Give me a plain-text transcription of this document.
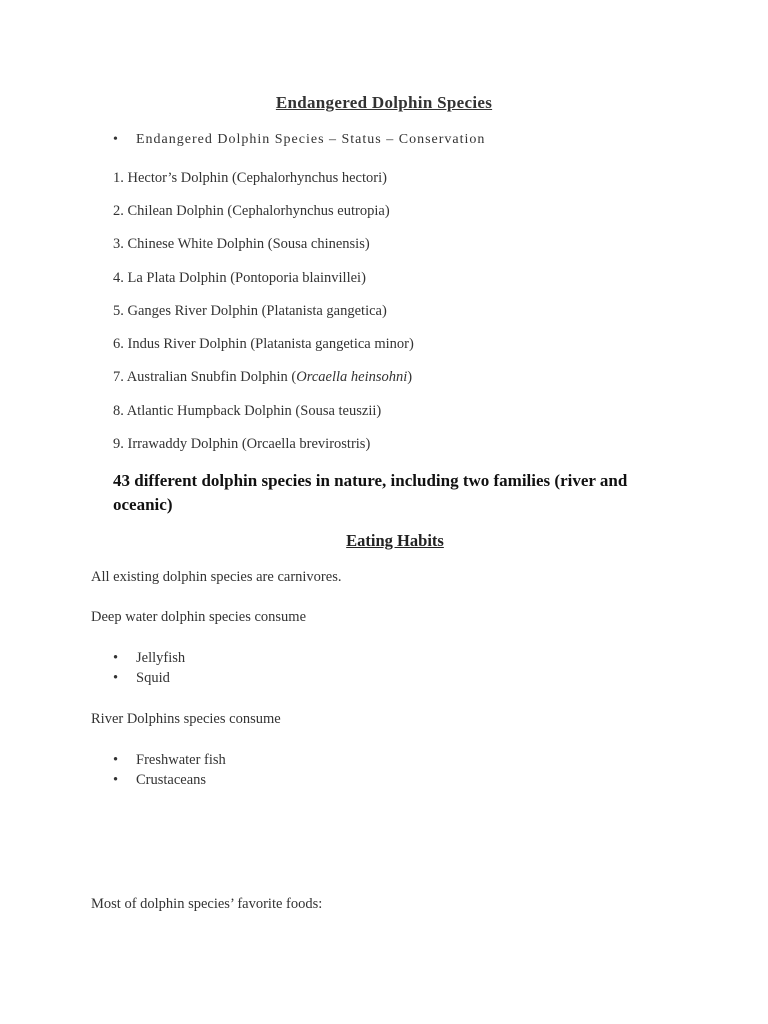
Endangered Dolphin Species
• Endangered Dolphin Species – Status – Conservation
1. Hector’s Dolphin (Cephalorhynchus hectori)
2. Chilean Dolphin (Cephalorhynchus eutropia)
3. Chinese White Dolphin (Sousa chinensis)
4. La Plata Dolphin (Pontoporia blainvillei)
5. Ganges River Dolphin (Platanista gangetica)
6. Indus River Dolphin (Platanista gangetica minor)
7. Australian Snubfin Dolphin (Orcaella heinsohni)
8. Atlantic Humpback Dolphin (Sousa teuszii)
9. Irrawaddy Dolphin (Orcaella brevirostris)
43 different dolphin species in nature, including two families (river and oceanic)
Eating Habits
All existing dolphin species are carnivores.
Deep water dolphin species consume
• Jellyfish
• Squid
River Dolphins species consume
• Freshwater fish
• Crustaceans
Most of dolphin species’ favorite foods:
